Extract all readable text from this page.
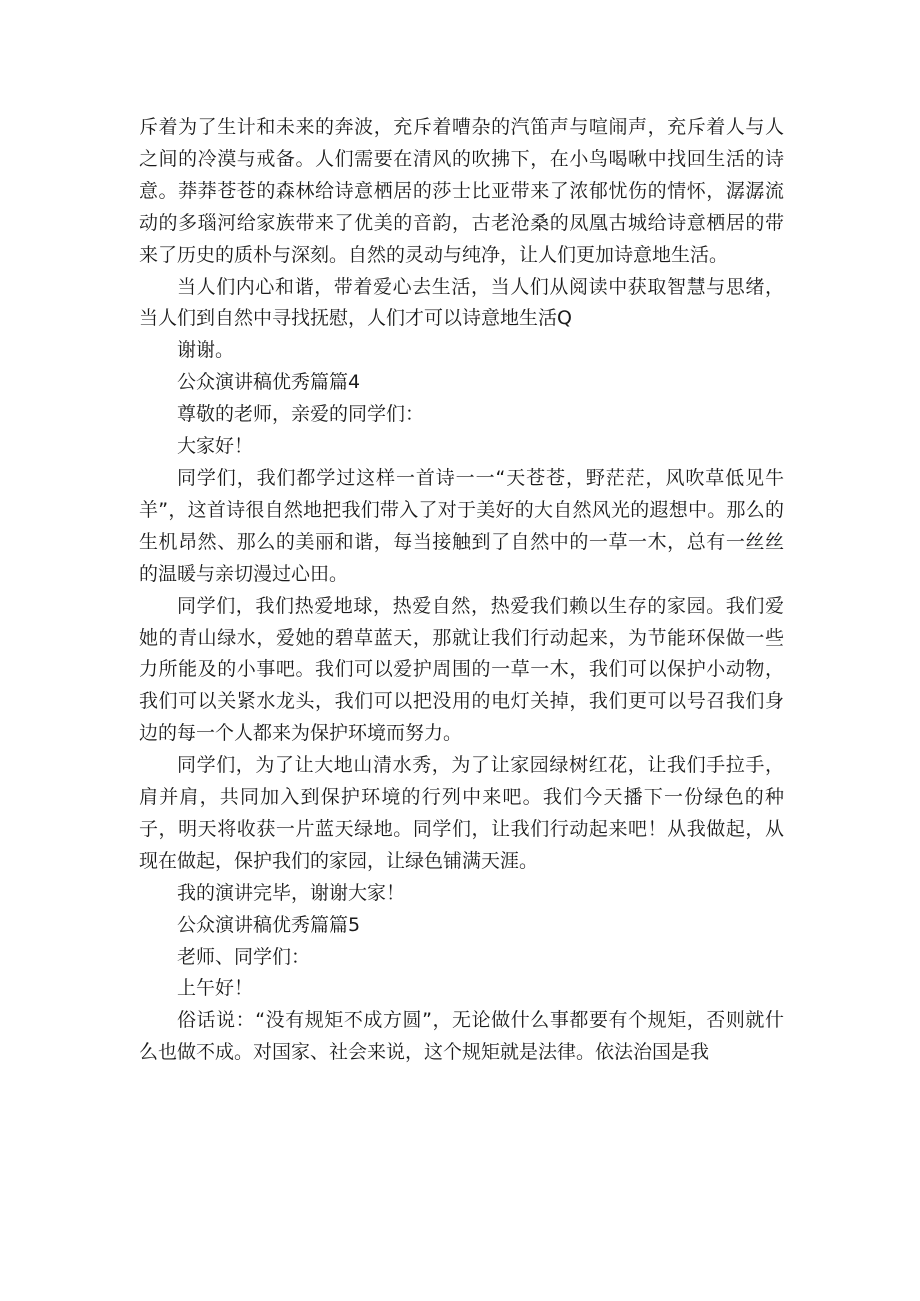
斥着为了生计和未来的奔波，充斥着嘈杂的汽笛声与喧闹声，充斥着人与人之间的冷漠与戒备。人们需要在清风的吹拂下，在小鸟喝啾中找回生活的诗意。莽莽苍苍的森林给诗意栖居的莎士比亚带来了浓郁忧伤的情怀，潺潺流动的多瑙河给家族带来了优美的音韵，古老沧桑的凤凰古城给诗意栖居的带来了历史的质朴与深刻。自然的灵动与纯净，让人们更加诗意地生活。

当人们内心和谐，带着爱心去生活，当人们从阅读中获取智慧与思绪，当人们到自然中寻找抚慰，人们才可以诗意地生活Q

谢谢。

公众演讲稿优秀篇篇4

尊敬的老师，亲爱的同学们：

大家好！

同学们，我们都学过这样一首诗一一“天苍苍，野茫茫，风吹草低见牛羊”，这首诗很自然地把我们带入了对于美好的大自然风光的遐想中。那么的生机昂然、那么的美丽和谐，每当接触到了自然中的一草一木，总有一丝丝的温暖与亲切漫过心田。

同学们，我们热爱地球，热爱自然，热爱我们赖以生存的家园。我们爱她的青山绿水，爱她的碧草蓝天，那就让我们行动起来，为节能环保做一些力所能及的小事吧。我们可以爱护周围的一草一木，我们可以保护小动物，我们可以关紧水龙头，我们可以把没用的电灯关掉，我们更可以号召我们身边的每一个人都来为保护环境而努力。

同学们，为了让大地山清水秀，为了让家园绿树红花，让我们手拉手，肩并肩，共同加入到保护环境的行列中来吧。我们今天播下一份绿色的种子，明天将收获一片蓝天绿地。同学们，让我们行动起来吧！从我做起，从现在做起，保护我们的家园，让绿色铺满天涯。

我的演讲完毕，谢谢大家！

公众演讲稿优秀篇篇5

老师、同学们：

上午好！

俗话说：“没有规矩不成方圆”，无论做什么事都要有个规矩，否则就什么也做不成。对国家、社会来说，这个规矩就是法律。依法治国是我
